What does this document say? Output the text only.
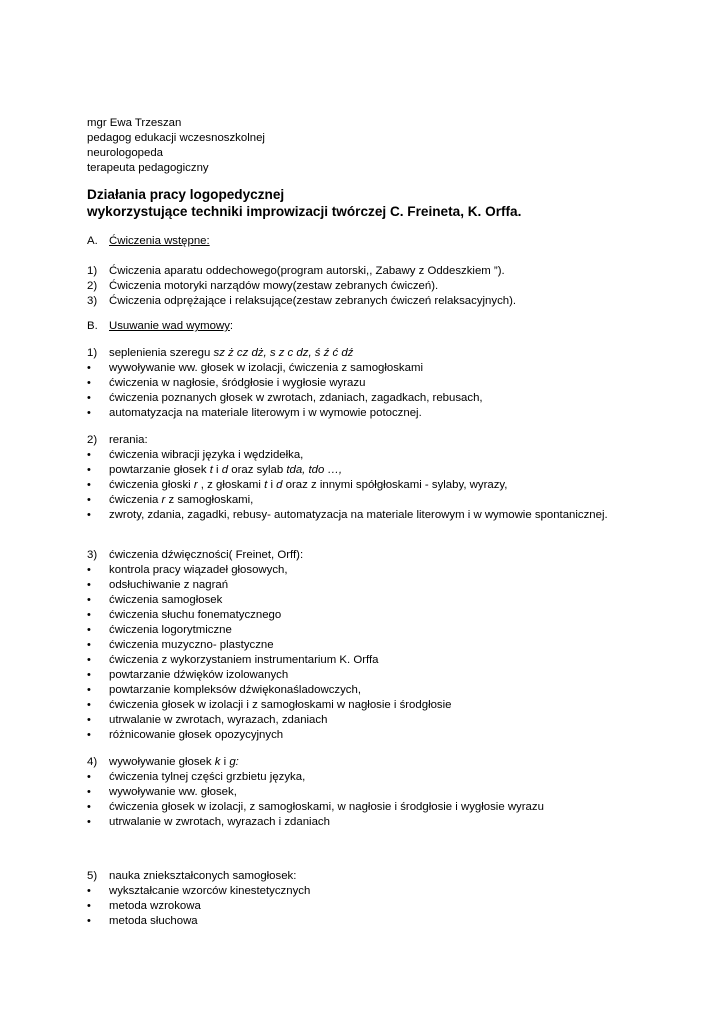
mgr Ewa Trzeszan
pedagog edukacji wczesnoszkolnej
neurologopeda
terapeuta pedagogiczny
Działania pracy logopedycznej
wykorzystujące techniki improwizacji twórczej C. Freineta, K. Orffa.
A. Ćwiczenia wstępne:
1) Ćwiczenia aparatu oddechowego(program autorski,, Zabawy z Oddeszkiem ”).
2) Ćwiczenia motoryki narządów mowy(zestaw zebranych ćwiczeń).
3) Ćwiczenia odprężające i relaksujące(zestaw zebranych ćwiczeń relaksacyjnych).
B. Usuwanie wad wymowy:
1) seplenienia szeregu sz ż cz dż, s z c dz, ś ź ć dź
• wywoływanie ww. głosek w izolacji, ćwiczenia z samogłoskami
• ćwiczenia w nagłosie, śródgłosie i wygłosie wyrazu
• ćwiczenia poznanych głosek w zwrotach, zdaniach, zagadkach, rebusach,
• automatyzacja na materiale literowym i w wymowie potocznej.
2) rerania:
• ćwiczenia wibracji języka i wędzidełka,
• powtarzanie głosek t i d oraz sylab tda, tdo …,
• ćwiczenia głoski r , z głoskami t i d oraz z innymi spółgłoskami - sylaby, wyrazy,
• ćwiczenia r z samogłoskami,
• zwroty, zdania, zagadki, rebusy- automatyzacja na materiale literowym i w wymowie spontanicznej.
3) ćwiczenia dźwięczności( Freinet, Orff):
• kontrola pracy wiązadeł głosowych,
• odsłuchiwanie z nagrań
• ćwiczenia samogłosek
• ćwiczenia słuchu fonematycznego
• ćwiczenia logorytmiczne
• ćwiczenia muzyczno- plastyczne
• ćwiczenia z wykorzystaniem instrumentarium K. Orffa
• powtarzanie dźwięków izolowanych
• powtarzanie kompleksów dźwiękonaśladowczych,
• ćwiczenia głosek w izolacji i z samogłoskami w nagłosie i środgłosie
• utrwalanie w zwrotach, wyrazach, zdaniach
• różnicowanie głosek opozycyjnych
4) wywoływanie głosek k i g:
• ćwiczenia tylnej części grzbietu języka,
• wywoływanie ww. głosek,
• ćwiczenia głosek w izolacji, z samogłoskami, w nagłosie i środgłosie i wygłosie wyrazu
• utrwalanie w zwrotach, wyrazach i zdaniach
5) nauka zniekształconych samogłosek:
• wykształcanie wzorców kinestetycznych
• metoda wzrokowa
• metoda słuchowa
